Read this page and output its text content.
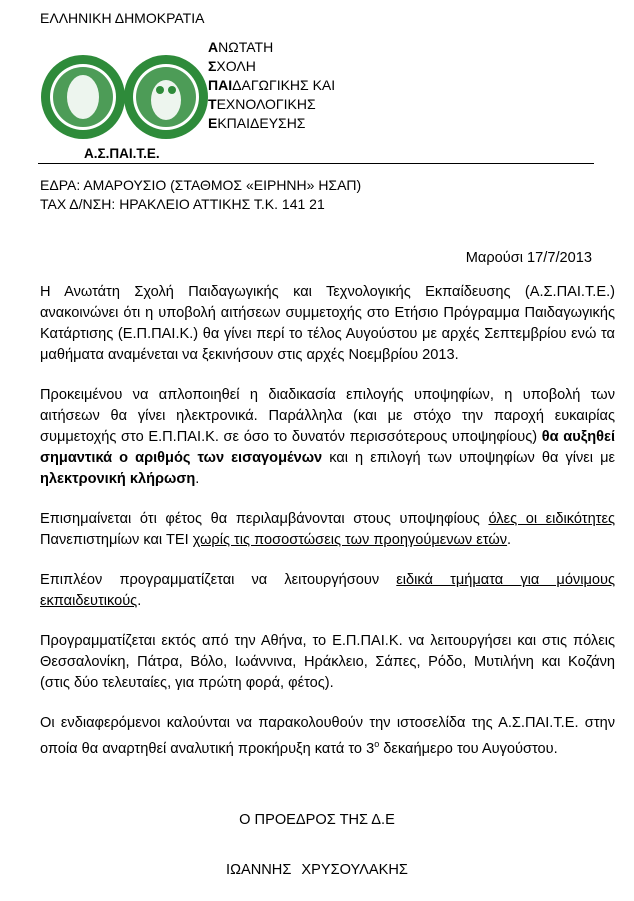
ΕΛΛΗΝΙΚΗ ΔΗΜΟΚΡΑΤΙΑ
ΑΝΩΤΑΤΗ
ΣΧΟΛΗ
ΠΑΙΔΑΓΩΓΙΚΗΣ ΚΑΙ
ΤΕΧΝΟΛΟΓΙΚΗΣ
ΕΚΠΑΙΔΕΥΣΗΣ
Α.Σ.ΠΑΙ.Τ.Ε.
ΕΔΡΑ: ΑΜΑΡΟΥΣΙΟ (ΣΤΑΘΜΟΣ «ΕΙΡΗΝΗ» ΗΣΑΠ)
ΤΑΧ Δ/ΝΣΗ: ΗΡΑΚΛΕΙΟ ΑΤΤΙΚΗΣ Τ.Κ. 141 21
Μαρούσι 17/7/2013

Η Ανωτάτη Σχολή Παιδαγωγικής και Τεχνολογικής Εκπαίδευσης (Α.Σ.ΠΑΙ.Τ.Ε.) ανακοινώνει ότι η υποβολή αιτήσεων συμμετοχής στο Ετήσιο Πρόγραμμα Παιδαγωγικής Κατάρτισης (Ε.Π.ΠΑΙ.Κ.) θα γίνει περί το τέλος Αυγούστου με αρχές Σεπτεμβρίου ενώ τα μαθήματα αναμένεται να ξεκινήσουν στις αρχές Νοεμβρίου 2013.

Προκειμένου να απλοποιηθεί η διαδικασία επιλογής υποψηφίων, η υποβολή των αιτήσεων θα γίνει ηλεκτρονικά. Παράλληλα (και με στόχο την παροχή ευκαιρίας συμμετοχής στο Ε.Π.ΠΑΙ.Κ. σε όσο το δυνατόν περισσότερους υποψηφίους) θα αυξηθεί σημαντικά ο αριθμός των εισαγομένων και η επιλογή των υποψηφίων θα γίνει με ηλεκτρονική κλήρωση.

Επισημαίνεται ότι φέτος θα περιλαμβάνονται στους υποψηφίους όλες οι ειδικότητες Πανεπιστημίων και ΤΕΙ χωρίς τις ποσοστώσεις των προηγούμενων ετών.

Επιπλέον προγραμματίζεται να λειτουργήσουν ειδικά τμήματα για μόνιμους εκπαιδευτικούς.

Προγραμματίζεται εκτός από την Αθήνα, το Ε.Π.ΠΑΙ.Κ. να λειτουργήσει και στις πόλεις Θεσσαλονίκη, Πάτρα, Βόλο, Ιωάννινα, Ηράκλειο, Σάπες, Ρόδο, Μυτιλήνη και Κοζάνη (στις δύο τελευταίες, για πρώτη φορά, φέτος).

Οι ενδιαφερόμενοι καλούνται να παρακολουθούν την ιστοσελίδα της Α.Σ.ΠΑΙ.Τ.Ε. στην οποία θα αναρτηθεί αναλυτική προκήρυξη κατά το $3^o$ δεκαήμερο του Αυγούστου.

Ο ΠΡΟΕΔΡΟΣ ΤΗΣ Δ.Ε
ΙΩΑΝΝΗΣ ΧΡΥΣΟΥΛΑΚΗΣ
